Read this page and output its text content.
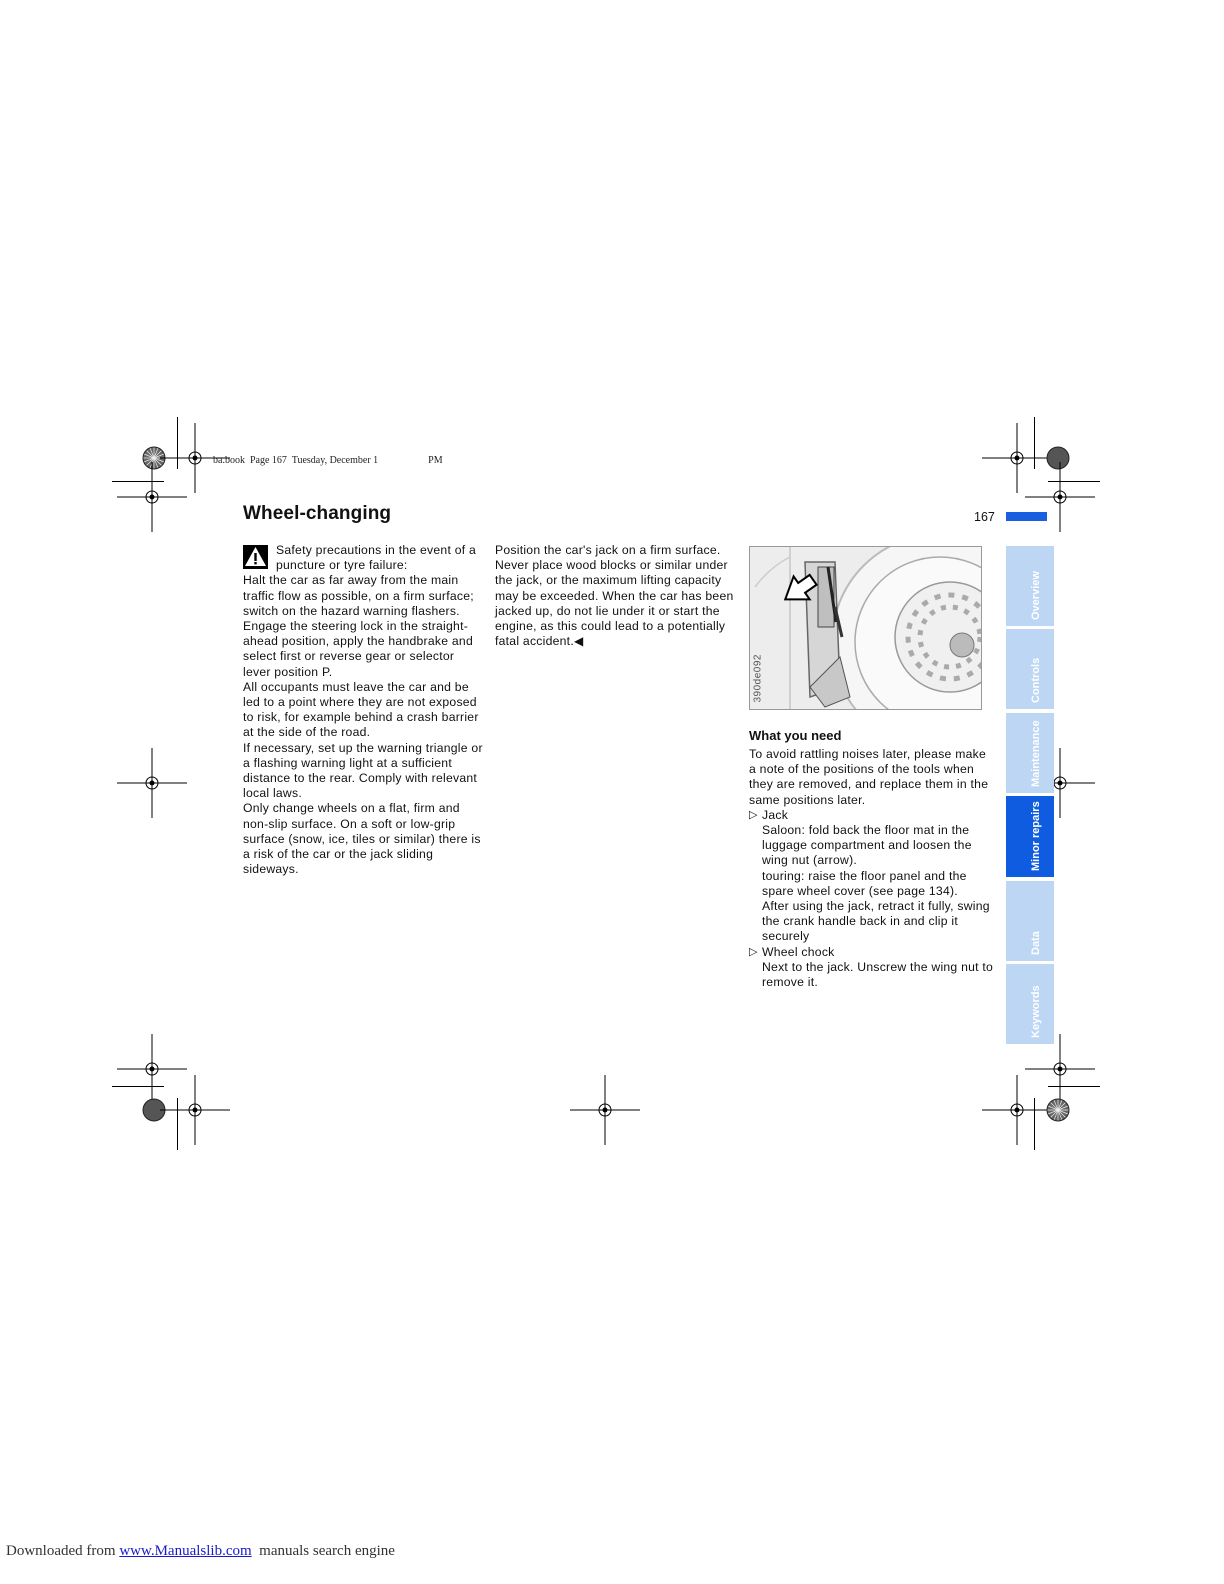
ba.book  Page 167  Tuesday, December 1                    PM
Wheel-changing	167

Safety precautions in the event of a puncture or tyre failure:

Halt the car as far away from the main traffic flow as possible, on a firm surface; switch on the hazard warning flashers.

Engage the steering lock in the straight-ahead position, apply the handbrake and select first or reverse gear or selector lever position P.

All occupants must leave the car and be led to a point where they are not exposed to risk, for example behind a crash barrier at the side of the road.

If necessary, set up the warning triangle or a flashing warning light at a sufficient distance to the rear. Comply with relevant local laws.

Only change wheels on a flat, firm and non-slip surface. On a soft or low-grip surface (snow, ice, tiles or similar) there is a risk of the car or the jack sliding sideways.

Position the car's jack on a firm surface. Never place wood blocks or similar under the jack, or the maximum lifting capacity may be exceeded. When the car has been jacked up, do not lie under it or start the engine, as this could lead to a potentially fatal accident.◀

390de092
What you need

To avoid rattling noises later, please make a note of the positions of the tools when they are removed, and replace them in the same positions later.

▷ Jack

Saloon: fold back the floor mat in the luggage compartment and loosen the wing nut (arrow).

touring: raise the floor panel and the spare wheel cover (see page 134).

After using the jack, retract it fully, swing the crank handle back in and clip it securely

▷ Wheel chock

Next to the jack. Unscrew the wing nut to remove it.

Overview
Controls
Maintenance
Minor repairs
Data
Keywords
Downloaded from www.Manualslib.com  manuals search engine
